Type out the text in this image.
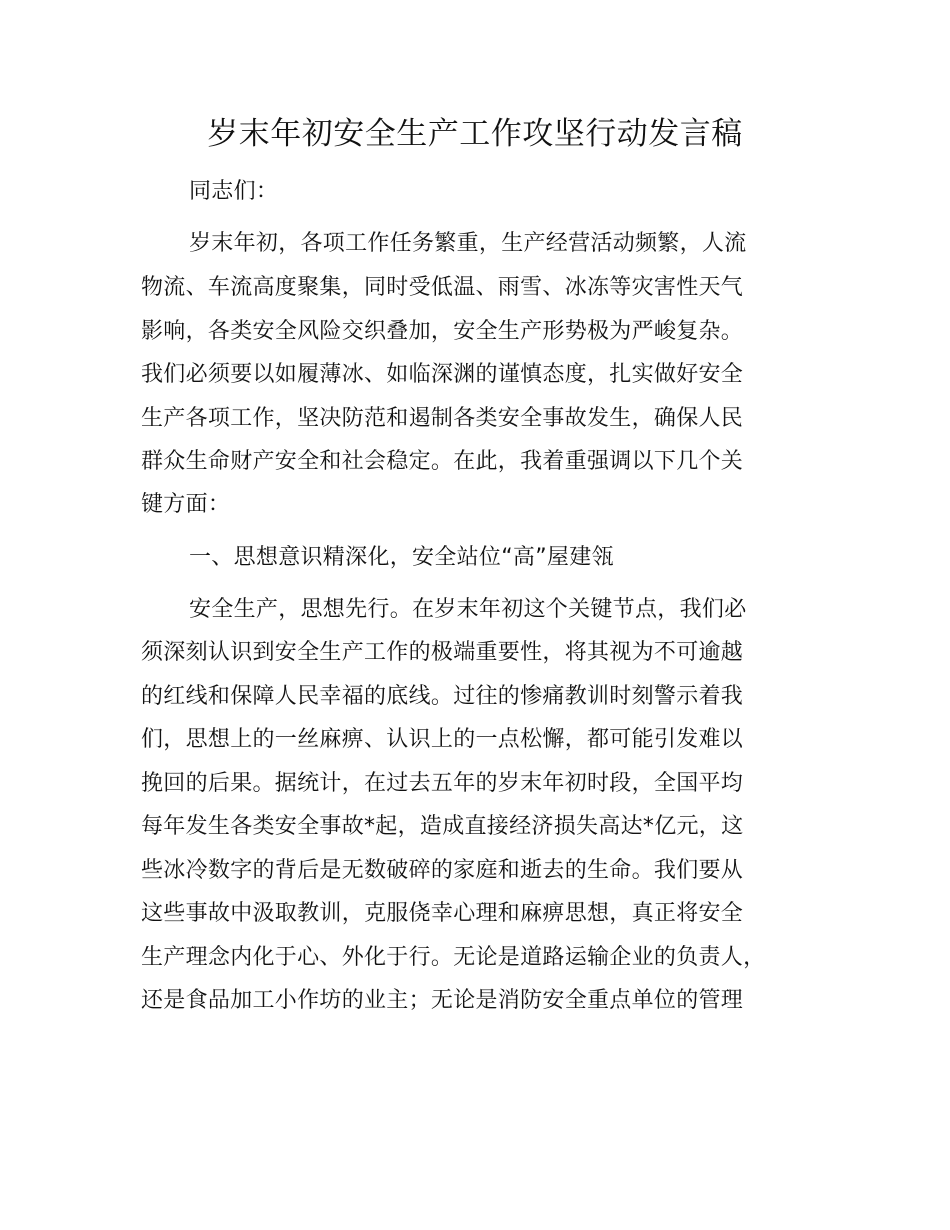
岁末年初安全生产工作攻坚行动发言稿
同志们：
岁末年初，各项工作任务繁重，生产经营活动频繁，人流
物流、车流高度聚集，同时受低温、雨雪、冰冻等灾害性天气
影响，各类安全风险交织叠加，安全生产形势极为严峻复杂。
我们必须要以如履薄冰、如临深渊的谨慎态度，扎实做好安全
生产各项工作，坚决防范和遏制各类安全事故发生，确保人民
群众生命财产安全和社会稳定。在此，我着重强调以下几个关
键方面：
一、思想意识精深化，安全站位“高”屋建瓴
安全生产，思想先行。在岁末年初这个关键节点，我们必
须深刻认识到安全生产工作的极端重要性，将其视为不可逾越
的红线和保障人民幸福的底线。过往的惨痛教训时刻警示着我
们，思想上的一丝麻痹、认识上的一点松懈，都可能引发难以
挽回的后果。据统计，在过去五年的岁末年初时段，全国平均
每年发生各类安全事故*起，造成直接经济损失高达*亿元，这
些冰冷数字的背后是无数破碎的家庭和逝去的生命。我们要从
这些事故中汲取教训，克服侥幸心理和麻痹思想，真正将安全
生产理念内化于心、外化于行。无论是道路运输企业的负责人，
还是食品加工小作坊的业主；无论是消防安全重点单位的管理
